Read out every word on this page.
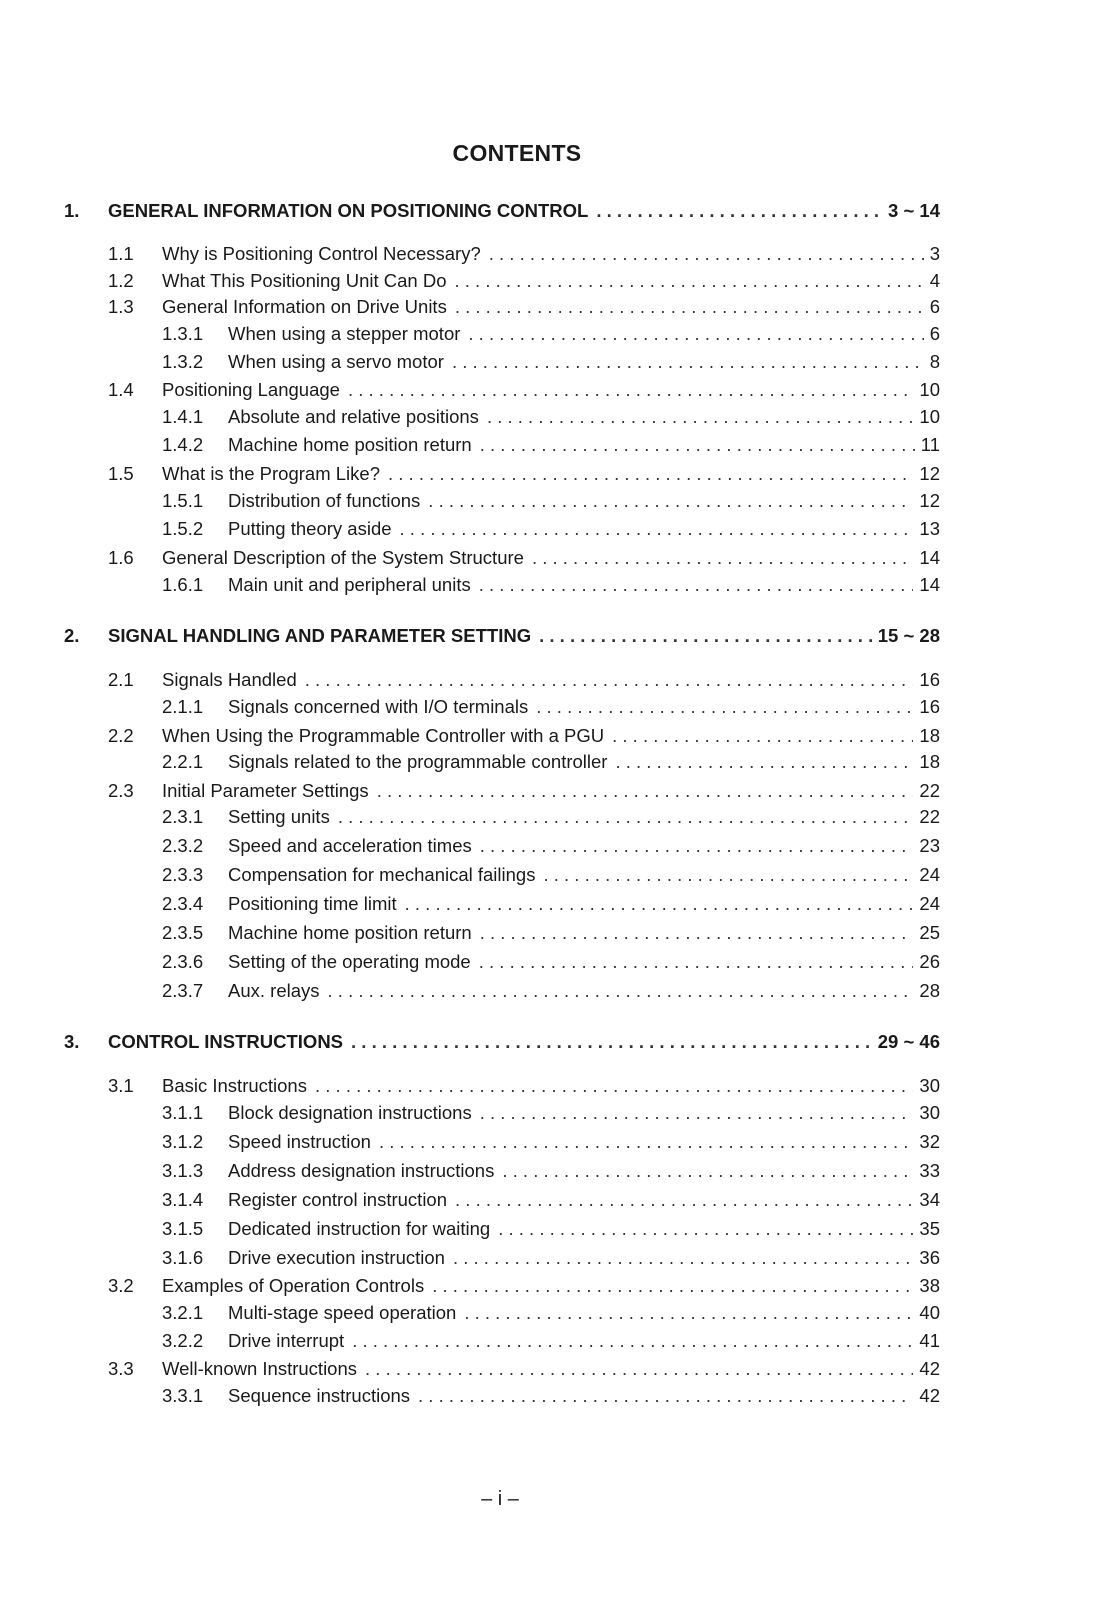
CONTENTS
1. GENERAL INFORMATION ON POSITIONING CONTROL . . .	3 ~ 14
1.1 Why is Positioning Control Necessary? . . .	3
1.2 What This Positioning Unit Can Do . . .	4
1.3 General Information on Drive Units . . .	6
1.3.1 When using a stepper motor . . .	6
1.3.2 When using a servo motor . . .	8
1.4 Positioning Language . . .	10
1.4.1 Absolute and relative positions . . .	10
1.4.2 Machine home position return . . .	11
1.5 What is the Program Like? . . .	12
1.5.1 Distribution of functions . . .	12
1.5.2 Putting theory aside . . .	13
1.6 General Description of the System Structure . . .	14
1.6.1 Main unit and peripheral units . . .	14
2. SIGNAL HANDLING AND PARAMETER SETTING . . .	15 ~ 28
2.1 Signals Handled . . .	16
2.1.1 Signals concerned with I/O terminals . . .	16
2.2 When Using the Programmable Controller with a PGU . . .	18
2.2.1 Signals related to the programmable controller . . .	18
2.3 Initial Parameter Settings . . .	22
2.3.1 Setting units . . .	22
2.3.2 Speed and acceleration times . . .	23
2.3.3 Compensation for mechanical failings . . .	24
2.3.4 Positioning time limit . . .	24
2.3.5 Machine home position return . . .	25
2.3.6 Setting of the operating mode . . .	26
2.3.7 Aux. relays . . .	28
3. CONTROL INSTRUCTIONS . . .	29 ~ 46
3.1 Basic Instructions . . .	30
3.1.1 Block designation instructions . . .	30
3.1.2 Speed instruction . . .	32
3.1.3 Address designation instructions . . .	33
3.1.4 Register control instruction . . .	34
3.1.5 Dedicated instruction for waiting . . .	35
3.1.6 Drive execution instruction . . .	36
3.2 Examples of Operation Controls . . .	38
3.2.1 Multi-stage speed operation . . .	40
3.2.2 Drive interrupt . . .	41
3.3 Well-known Instructions . . .	42
3.3.1 Sequence instructions . . .	42
– i –
